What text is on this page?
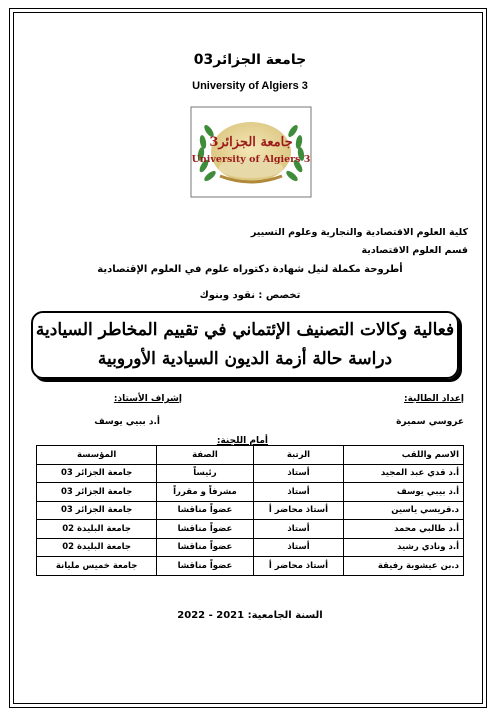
جامعة الجزائر03
University of Algiers 3
جامعة الجزائر3
University of Algiers 3
كلية العلوم الاقتصادية والتجارية وعلوم التسيير
قسم العلوم الاقتصادية
أطروحة مكملة لنيل شهادة دكتوراه علوم في العلوم الإقتصادية
تخصص : نقود وبنوك
فعالية وكالات التصنيف الإئتماني في تقييم المخاطر السيادية
دراسة حالة أزمة الديون السيادية الأوروبية
إعداد الطالبة:
عروسي سميرة
إشراف الأستاذ:
أ.د ببيي يوسف
أمام اللجنة:
الاسم واللقب	الرتبة	الصفة	المؤسسة
أ.د قدي عبد المجيد	أستاذ	رئيساً	جامعة الجزائر 03
أ.د بيبي يوسف	أستاذ	مشرفاً و مقرراً	جامعة الجزائر 03
د.قريسي ياسين	أستاذ محاضر أ	عضواً مناقشا	جامعة الجزائر 03
أ.د طالبي محمد	أستاذ	عضواً مناقشا	جامعة البليدة 02
أ.د ونادي رشيد	أستاذ	عضواً مناقشا	جامعة البليدة 02
د.بن عيشوبة رفيقة	أستاذ محاضر أ	عضواً مناقشا	جامعة خميس مليانة
السنة الجامعية: 2021 - 2022
